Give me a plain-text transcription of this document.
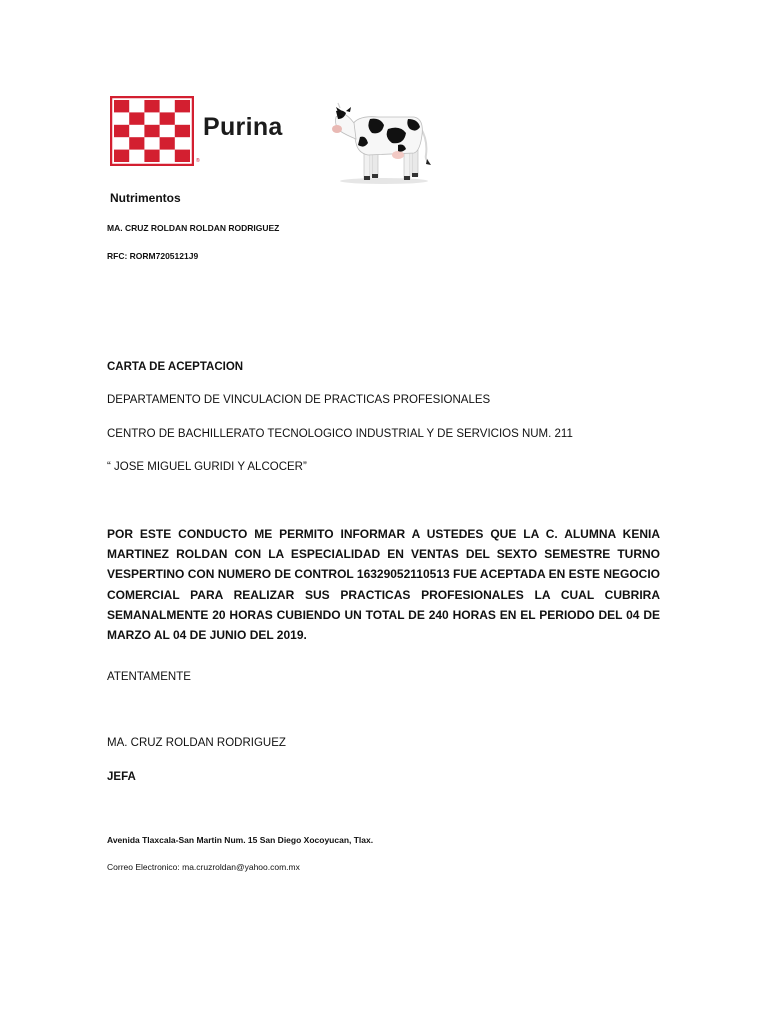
Purina
®
Nutrimentos
MA. CRUZ ROLDAN ROLDAN RODRIGUEZ
RFC: RORM7205121J9
CARTA DE ACEPTACION
DEPARTAMENTO DE VINCULACION DE PRACTICAS PROFESIONALES
CENTRO DE BACHILLERATO TECNOLOGICO INDUSTRIAL Y DE SERVICIOS NUM. 211
“ JOSE MIGUEL GURIDI Y ALCOCER”

POR ESTE CONDUCTO ME PERMITO INFORMAR A USTEDES QUE LA C. ALUMNA KENIA MARTINEZ ROLDAN CON LA ESPECIALIDAD EN VENTAS DEL SEXTO SEMESTRE TURNO VESPERTINO CON NUMERO DE CONTROL 16329052110513 FUE ACEPTADA EN ESTE NEGOCIO COMERCIAL PARA REALIZAR SUS PRACTICAS PROFESIONALES LA CUAL CUBRIRA SEMANALMENTE 20 HORAS CUBIENDO UN TOTAL DE 240 HORAS EN EL PERIODO DEL 04 DE MARZO AL 04 DE JUNIO DEL 2019.

ATENTAMENTE
MA. CRUZ ROLDAN RODRIGUEZ
JEFA
Avenida Tlaxcala-San Martin Num. 15 San Diego Xocoyucan, Tlax.
Correo Electronico: ma.cruzroldan@yahoo.com.mx
